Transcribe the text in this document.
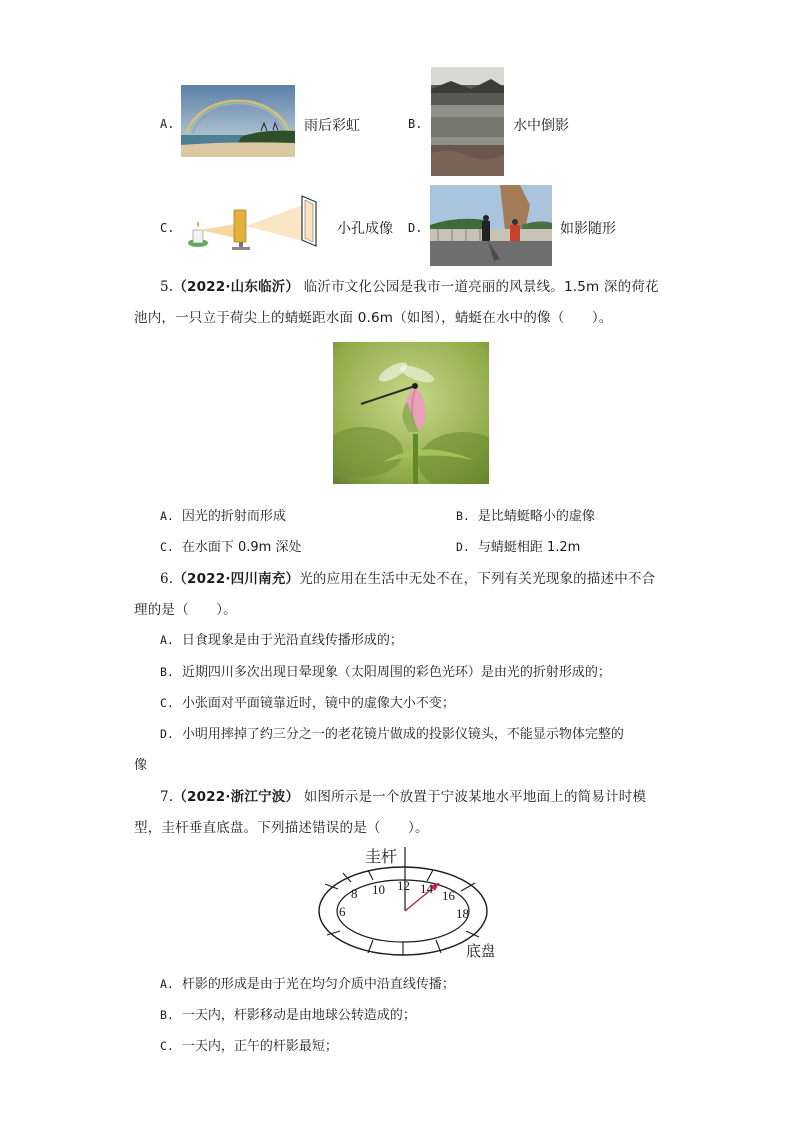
A.	雨后彩虹	B.	水中倒影
C.	小孔成像 D.	如影随形
5.（2022·山东临沂） 临沂市文化公园是我市一道亮丽的风景线。1.5m 深的荷花
池内，一只立于荷尖上的蜻蜓距水面 0.6m（如图），蜻蜓在水中的像（　　）。
A. 因光的折射而形成	B. 是比蜻蜓略小的虚像
C. 在水面下 0.9m 深处	D. 与蜻蜓相距 1.2m
6.（2022·四川南充）光的应用在生活中无处不在，下列有关光现象的描述中不合
理的是（　　）。
A. 日食现象是由于光沿直线传播形成的；
B. 近期四川多次出现日晕现象（太阳周围的彩色光环）是由光的折射形成的；
C. 小张面对平面镜靠近时，镜中的虚像大小不变；
D. 小明用摔掉了约三分之一的老花镜片做成的投影仪镜头，不能显示物体完整的
像
7.（2022·浙江宁波） 如图所示是一个放置于宁波某地水平地面上的简易计时模
型，圭杆垂直底盘。下列描述错误的是（　　）。
圭杆
底盘
6
8 10 12 14 16
18
A. 杆影的形成是由于光在均匀介质中沿直线传播；
B. 一天内，杆影移动是由地球公转造成的；
C. 一天内，正午的杆影最短；
